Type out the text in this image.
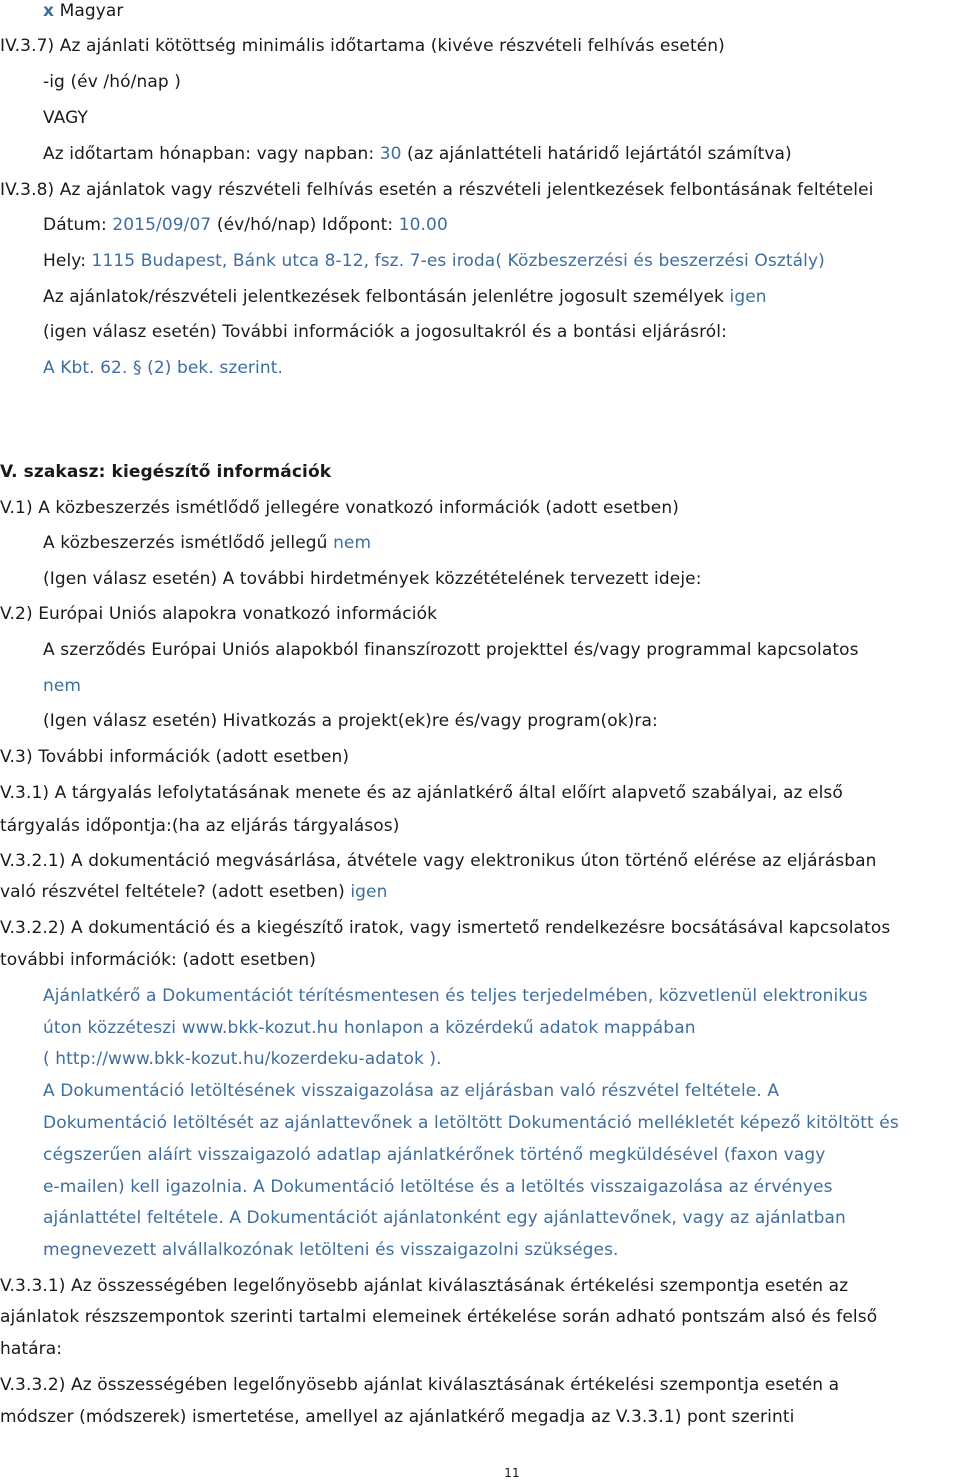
x Magyar
IV.3.7) Az ajánlati kötöttség minimális időtartama (kivéve részvételi felhívás esetén)
-ig (év /hó/nap )
VAGY
Az időtartam hónapban: vagy napban: 30 (az ajánlattételi határidő lejártától számítva)
IV.3.8) Az ajánlatok vagy részvételi felhívás esetén a részvételi jelentkezések felbontásának feltételei
Dátum: 2015/09/07 (év/hó/nap) Időpont: 10.00
Hely: 1115 Budapest, Bánk utca 8-12, fsz. 7-es iroda( Közbeszerzési és beszerzési Osztály)
Az ajánlatok/részvételi jelentkezések felbontásán jelenlétre jogosult személyek igen
(igen válasz esetén) További információk a jogosultakról és a bontási eljárásról:
A Kbt. 62. § (2) bek. szerint.
V. szakasz: kiegészítő információk
V.1) A közbeszerzés ismétlődő jellegére vonatkozó információk (adott esetben)
A közbeszerzés ismétlődő jellegű nem
(Igen válasz esetén) A további hirdetmények közzétételének tervezett ideje:
V.2) Európai Uniós alapokra vonatkozó információk
A szerződés Európai Uniós alapokból finanszírozott projekttel és/vagy programmal kapcsolatos
nem
(Igen válasz esetén) Hivatkozás a projekt(ek)re és/vagy program(ok)ra:
V.3) További információk (adott esetben)
V.3.1) A tárgyalás lefolytatásának menete és az ajánlatkérő által előírt alapvető szabályai, az első
tárgyalás időpontja:(ha az eljárás tárgyalásos)
V.3.2.1) A dokumentáció megvásárlása, átvétele vagy elektronikus úton történő elérése az eljárásban
való részvétel feltétele? (adott esetben) igen
V.3.2.2) A dokumentáció és a kiegészítő iratok, vagy ismertető rendelkezésre bocsátásával kapcsolatos
további információk: (adott esetben)
Ajánlatkérő a Dokumentációt térítésmentesen és teljes terjedelmében, közvetlenül elektronikus
úton közzéteszi www.bkk-kozut.hu honlapon a közérdekű adatok mappában
( http://www.bkk-kozut.hu/kozerdeku-adatok ).
A Dokumentáció letöltésének visszaigazolása az eljárásban való részvétel feltétele. A
Dokumentáció letöltését az ajánlattevőnek a letöltött Dokumentáció mellékletét képező kitöltött és
cégszerűen aláírt visszaigazoló adatlap ajánlatkérőnek történő megküldésével (faxon vagy
e-mailen) kell igazolnia. A Dokumentáció letöltése és a letöltés visszaigazolása az érvényes
ajánlattétel feltétele. A Dokumentációt ajánlatonként egy ajánlattevőnek, vagy az ajánlatban
megnevezett alvállalkozónak letölteni és visszaigazolni szükséges.
V.3.3.1) Az összességében legelőnyösebb ajánlat kiválasztásának értékelési szempontja esetén az
ajánlatok részszempontok szerinti tartalmi elemeinek értékelése során adható pontszám alsó és felső
határa:
V.3.3.2) Az összességében legelőnyösebb ajánlat kiválasztásának értékelési szempontja esetén a
módszer (módszerek) ismertetése, amellyel az ajánlatkérő megadja az V.3.3.1) pont szerinti
11
